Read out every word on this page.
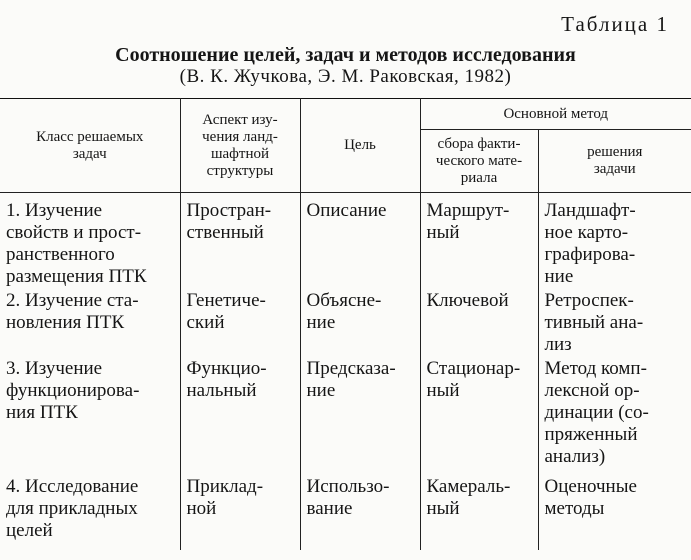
Таблица 1
Соотношение целей, задач и методов исследования
(В. К. Жучкова, Э. М. Раковская, 1982)
Класс решаемых
задач	Аспект изу-
чения ланд-
шафтной
структуры	Цель	Основной метод	

			сбора факти-
ческого мате-
риала	решения
задачи

1. Изучение
свойств и прост-
ранственного
размещения ПТК	Простран-
ственный	Описание	Маршрут-
ный	Ландшафт-
ное карто-
графирова-
ние

2. Изучение ста-
новления ПТК	Генетиче-
ский	Объясне-
ние	Ключевой	Ретроспек-
тивный ана-
лиз

3. Изучение
функционирова-
ния ПТК	Функцио-
нальный	Предсказа-
ние	Стационар-
ный	Метод комп-
лексной ор-
динации (со-
пряженный
анализ)

4. Исследование
для прикладных
целей	Приклад-
ной	Использо-
вание	Камераль-
ный	Оценочные
методы
